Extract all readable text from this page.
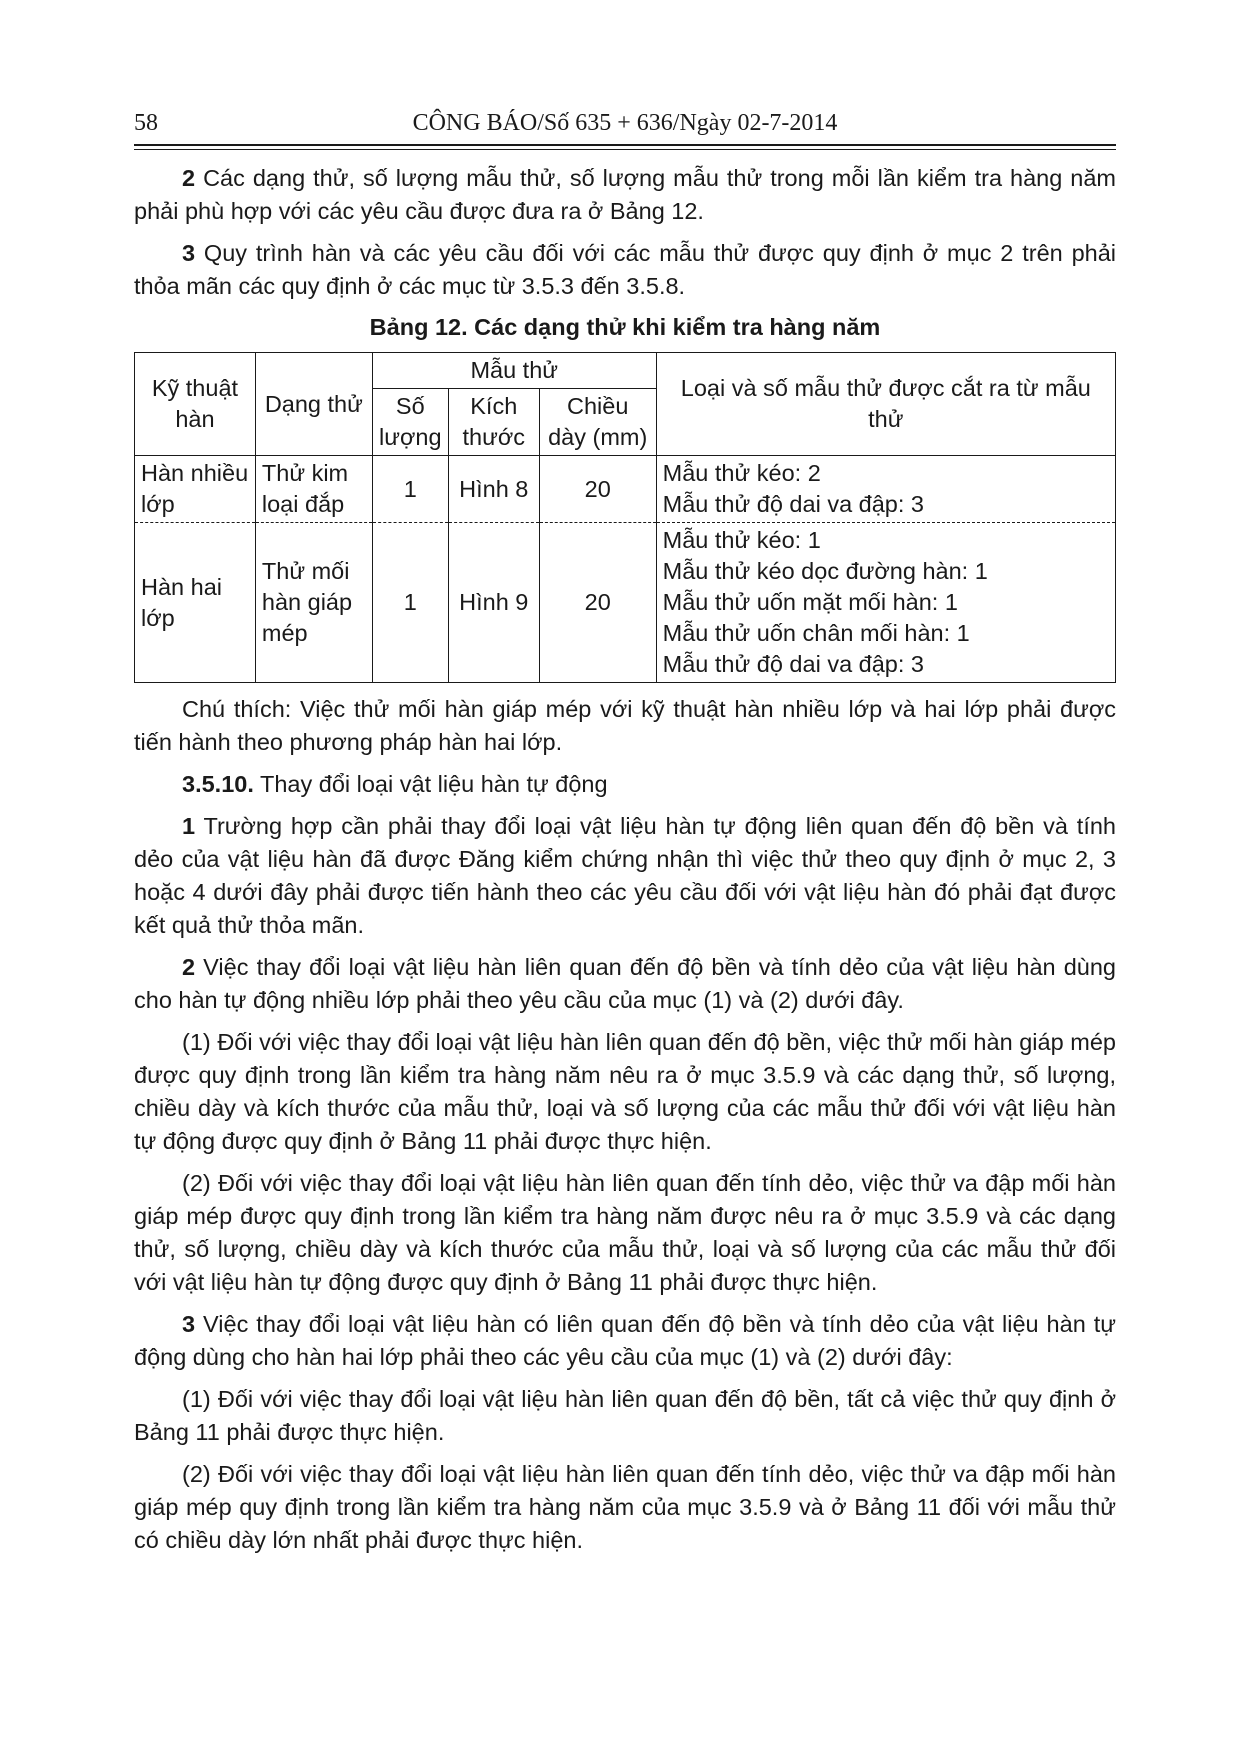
58	CÔNG BÁO/Số 635 + 636/Ngày 02-7-2014

2 Các dạng thử, số lượng mẫu thử, số lượng mẫu thử trong mỗi lần kiểm tra hàng năm phải phù hợp với các yêu cầu được đưa ra ở Bảng 12.

3 Quy trình hàn và các yêu cầu đối với các mẫu thử được quy định ở mục 2 trên phải thỏa mãn các quy định ở các mục từ 3.5.3 đến 3.5.8.

Bảng 12. Các dạng thử khi kiểm tra hàng năm

Kỹ thuật hàn	Dạng thử	Mẫu thử			Loại và số mẫu thử được cắt ra từ mẫu thử
		Số lượng	Kích thước	Chiều dày (mm)	
Hàn nhiều lớp	Thử kim loại đắp	1	Hình 8	20	Mẫu thử kéo: 2
Mẫu thử độ dai va đập: 3

Hàn hai lớp	Thử mối hàn giáp mép	1	Hình 9	20	Mẫu thử kéo: 1
Mẫu thử kéo dọc đường hàn: 1
Mẫu thử uốn mặt mối hàn: 1
Mẫu thử uốn chân mối hàn: 1
Mẫu thử độ dai va đập: 3

Chú thích: Việc thử mối hàn giáp mép với kỹ thuật hàn nhiều lớp và hai lớp phải được tiến hành theo phương pháp hàn hai lớp.

3.5.10. Thay đổi loại vật liệu hàn tự động

1 Trường hợp cần phải thay đổi loại vật liệu hàn tự động liên quan đến độ bền và tính dẻo của vật liệu hàn đã được Đăng kiểm chứng nhận thì việc thử theo quy định ở mục 2, 3 hoặc 4 dưới đây phải được tiến hành theo các yêu cầu đối với vật liệu hàn đó phải đạt được kết quả thử thỏa mãn.

2 Việc thay đổi loại vật liệu hàn liên quan đến độ bền và tính dẻo của vật liệu hàn dùng cho hàn tự động nhiều lớp phải theo yêu cầu của mục (1) và (2) dưới đây.

(1) Đối với việc thay đổi loại vật liệu hàn liên quan đến độ bền, việc thử mối hàn giáp mép được quy định trong lần kiểm tra hàng năm nêu ra ở mục 3.5.9 và các dạng thử, số lượng, chiều dày và kích thước của mẫu thử, loại và số lượng của các mẫu thử đối với vật liệu hàn tự động được quy định ở Bảng 11 phải được thực hiện.

(2) Đối với việc thay đổi loại vật liệu hàn liên quan đến tính dẻo, việc thử va đập mối hàn giáp mép được quy định trong lần kiểm tra hàng năm được nêu ra ở mục 3.5.9 và các dạng thử, số lượng, chiều dày và kích thước của mẫu thử, loại và số lượng của các mẫu thử đối với vật liệu hàn tự động được quy định ở Bảng 11 phải được thực hiện.

3 Việc thay đổi loại vật liệu hàn có liên quan đến độ bền và tính dẻo của vật liệu hàn tự động dùng cho hàn hai lớp phải theo các yêu cầu của mục (1) và (2) dưới đây:

(1) Đối với việc thay đổi loại vật liệu hàn liên quan đến độ bền, tất cả việc thử quy định ở Bảng 11 phải được thực hiện.

(2) Đối với việc thay đổi loại vật liệu hàn liên quan đến tính dẻo, việc thử va đập mối hàn giáp mép quy định trong lần kiểm tra hàng năm của mục 3.5.9 và ở Bảng 11 đối với mẫu thử có chiều dày lớn nhất phải được thực hiện.
